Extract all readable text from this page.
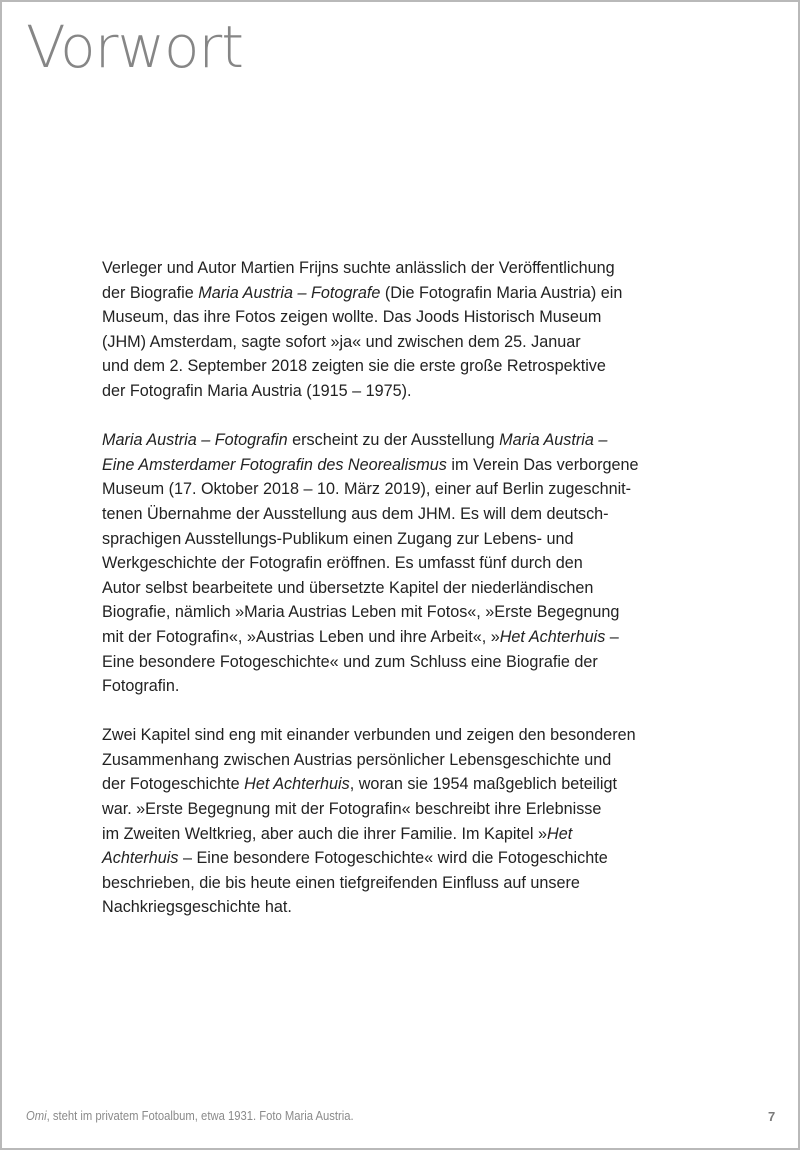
Vorwort

Verleger und Autor Martien Frijns suchte anlässlich der Veröffentlichung
der Biografie Maria Austria – Fotografe (Die Fotografin Maria Austria) ein
Museum, das ihre Fotos zeigen wollte. Das Joods Historisch Museum
(JHM) Amsterdam, sagte sofort »ja« und zwischen dem 25. Januar
und dem 2. September 2018 zeigten sie die erste große Retrospektive
der Fotografin Maria Austria (1915 – 1975).

Maria Austria – Fotografin erscheint zu der Ausstellung Maria Austria –
Eine Amsterdamer Fotografin des Neorealismus im Verein Das verborgene
Museum (17. Oktober 2018 – 10. März 2019), einer auf Berlin zugeschnit-
tenen Übernahme der Ausstellung aus dem JHM. Es will dem deutsch-
sprachigen Ausstellungs-Publikum einen Zugang zur Lebens- und
Werkgeschichte der Fotografin eröffnen. Es umfasst fünf durch den
Autor selbst bearbeitete und übersetzte Kapitel der niederländischen
Biografie, nämlich »Maria Austrias Leben mit Fotos«, »Erste Begegnung
mit der Fotografin«, »Austrias Leben und ihre Arbeit«, »Het Achterhuis –
Eine besondere Fotogeschichte« und zum Schluss eine Biografie der
Fotografin.

Zwei Kapitel sind eng mit einander verbunden und zeigen den besonderen
Zusammenhang zwischen Austrias persönlicher Lebensgeschichte und
der Fotogeschichte Het Achterhuis, woran sie 1954 maßgeblich beteiligt
war. »Erste Begegnung mit der Fotografin« beschreibt ihre Erlebnisse
im Zweiten Weltkrieg, aber auch die ihrer Familie. Im Kapitel »Het
Achterhuis – Eine besondere Fotogeschichte« wird die Fotogeschichte
beschrieben, die bis heute einen tiefgreifenden Einfluss auf unsere
Nachkriegsgeschichte hat.

Omi, steht im privatem Fotoalbum, etwa 1931. Foto Maria Austria.	7
